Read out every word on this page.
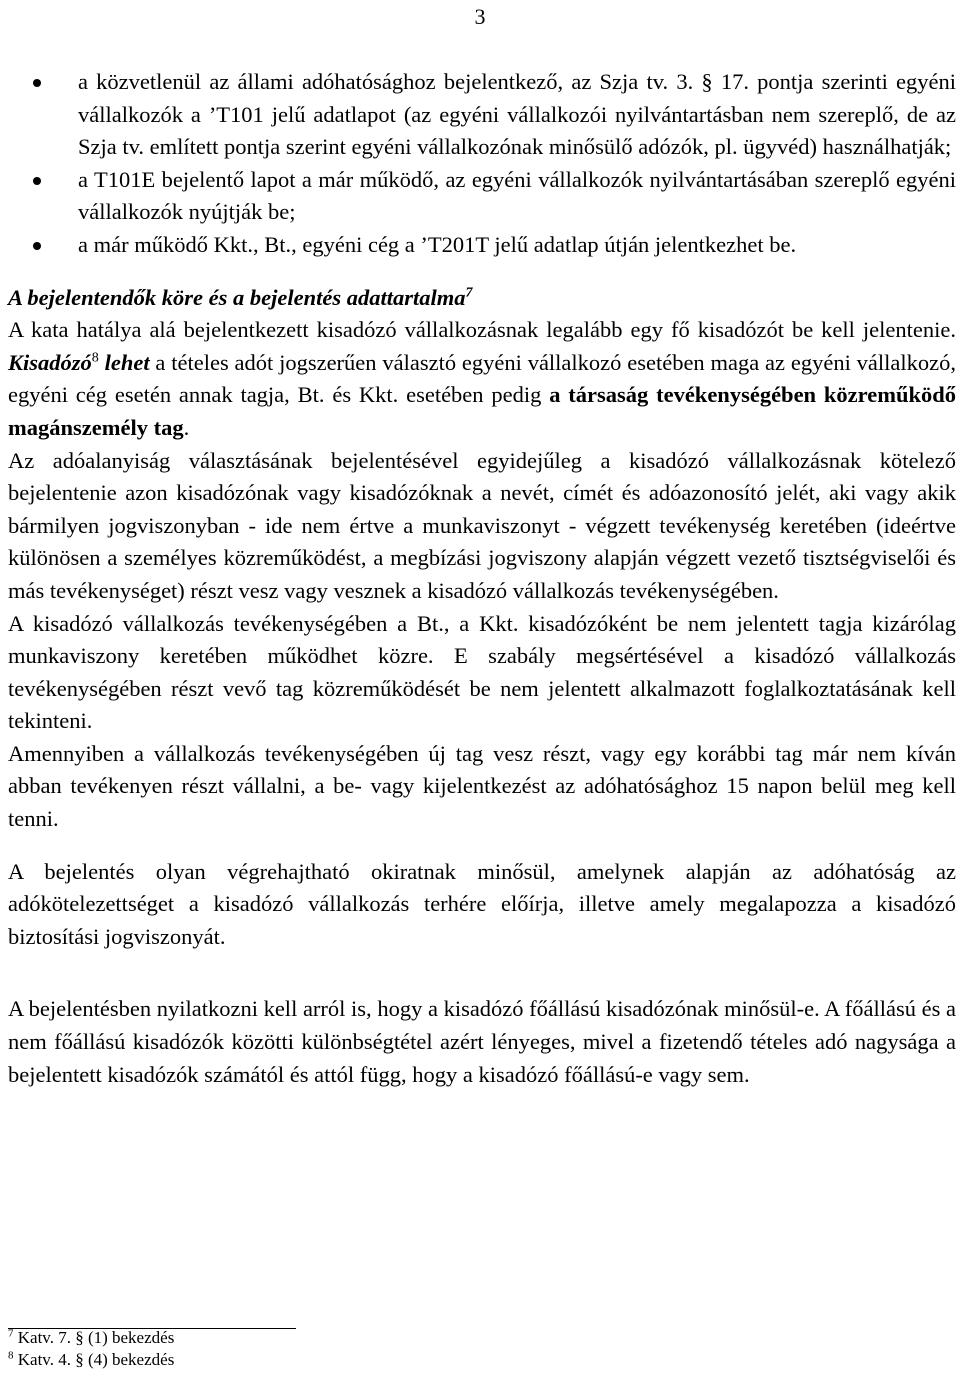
3
a közvetlenül az állami adóhatósághoz bejelentkező, az Szja tv. 3. § 17. pontja szerinti egyéni vállalkozók a ’T101 jelű adatlapot (az egyéni vállalkozói nyilvántartásban nem szereplő, de az Szja tv. említett pontja szerint egyéni vállalkozónak minősülő adózók, pl. ügyvéd) használhatják;
a T101E bejelentő lapot a már működő, az egyéni vállalkozók nyilvántartásában szereplő egyéni vállalkozók nyújtják be;
a már működő Kkt., Bt., egyéni cég a ’T201T jelű adatlap útján jelentkezhet be.
A bejelentendők köre és a bejelentés adattartalma$^7$

A kata hatálya alá bejelentkezett kisadózó vállalkozásnak legalább egy fő kisadózót be kell jelentenie. Kisadózó$^8$ lehet a tételes adót jogszerűen választó egyéni vállalkozó esetében maga az egyéni vállalkozó, egyéni cég esetén annak tagja, Bt. és Kkt. esetében pedig a társaság tevékenységében közreműködő magánszemély tag.

Az adóalanyiság választásának bejelentésével egyidejűleg a kisadózó vállalkozásnak kötelező bejelentenie azon kisadózónak vagy kisadózóknak a nevét, címét és adóazonosító jelét, aki vagy akik bármilyen jogviszonyban - ide nem értve a munkaviszonyt - végzett tevékenység keretében (ideértve különösen a személyes közreműködést, a megbízási jogviszony alapján végzett vezető tisztségviselői és más tevékenységet) részt vesz vagy vesznek a kisadózó vállalkozás tevékenységében.

A kisadózó vállalkozás tevékenységében a Bt., a Kkt. kisadózóként be nem jelentett tagja kizárólag munkaviszony keretében működhet közre. E szabály megsértésével a kisadózó vállalkozás tevékenységében részt vevő tag közreműködését be nem jelentett alkalmazott foglalkoztatásának kell tekinteni.

Amennyiben a vállalkozás tevékenységében új tag vesz részt, vagy egy korábbi tag már nem kíván abban tevékenyen részt vállalni, a be- vagy kijelentkezést az adóhatósághoz 15 napon belül meg kell tenni.

A bejelentés olyan végrehajtható okiratnak minősül, amelynek alapján az adóhatóság az adókötelezettséget a kisadózó vállalkozás terhére előírja, illetve amely megalapozza a kisadózó biztosítási jogviszonyát.

A bejelentésben nyilatkozni kell arról is, hogy a kisadózó főállású kisadózónak minősül-e. A főállású és a nem főállású kisadózók közötti különbségtétel azért lényeges, mivel a fizetendő tételes adó nagysága a bejelentett kisadózók számától és attól függ, hogy a kisadózó főállású-e vagy sem.

$^7$ Katv. 7. § (1) bekezdés

$^8$ Katv. 4. § (4) bekezdés
